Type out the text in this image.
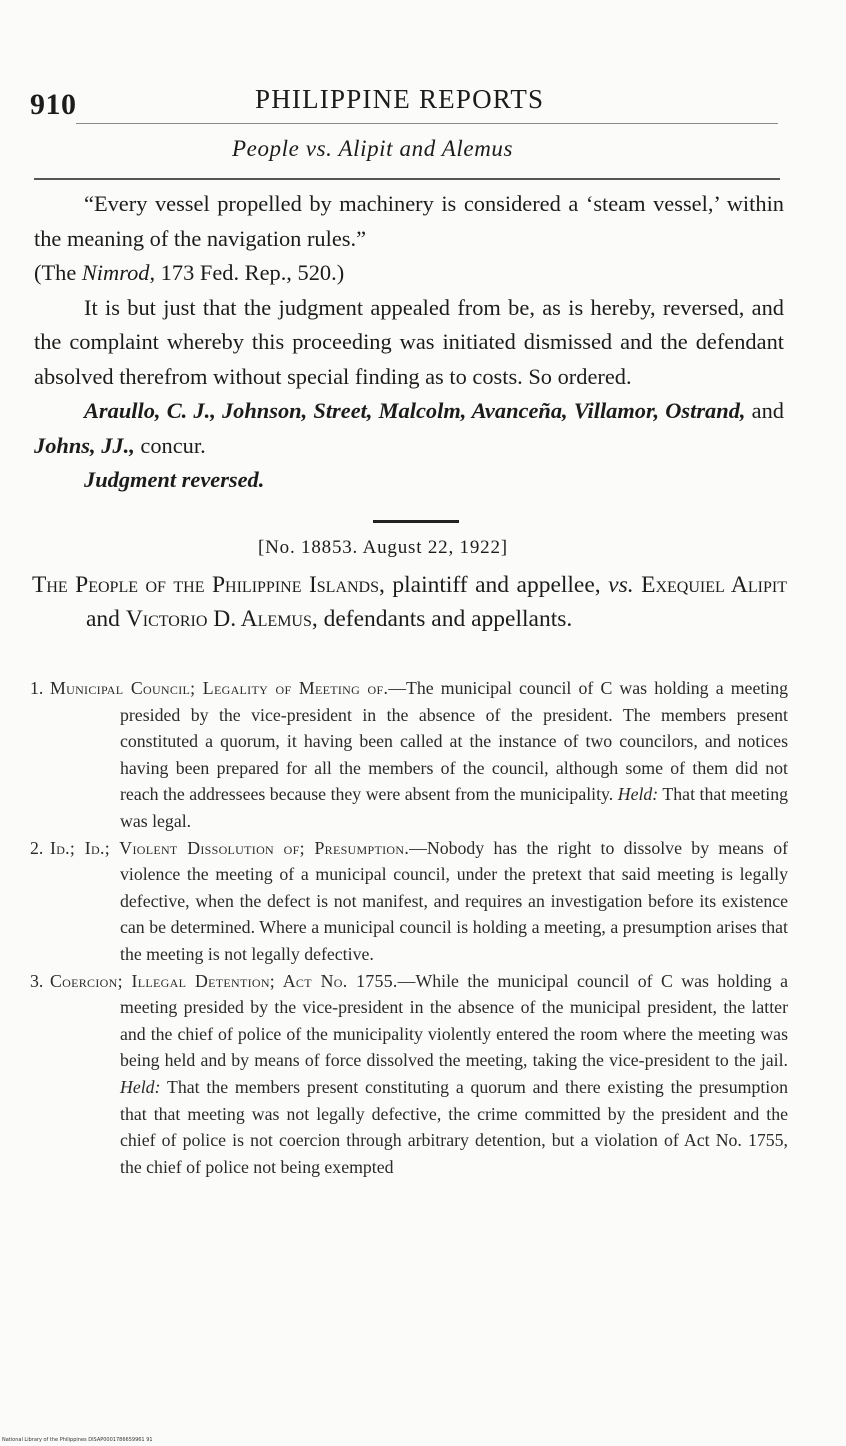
910	PHILIPPINE REPORTS
People vs. Alipit and Alemus

“Every vessel propelled by machinery is considered a ‘steam vessel,’ within the meaning of the navigation rules.”

(The Nimrod, 173 Fed. Rep., 520.)

It is but just that the judgment appealed from be, as is hereby, reversed, and the complaint whereby this proceeding was initiated dismissed and the defendant absolved therefrom without special finding as to costs. So ordered.

Araullo, C. J., Johnson, Street, Malcolm, Avanceña, Villamor, Ostrand, and Johns, JJ., concur.

Judgment reversed.

[No. 18853. August 22, 1922]

The People of the Philippine Islands, plaintiff and appellee, vs. Exequiel Alipit and Victorio D. Alemus, defendants and appellants.

1. Municipal Council; Legality of Meeting of.—The municipal council of C was holding a meeting presided by the vice-president in the absence of the president. The members present constituted a quorum, it having been called at the instance of two councilors, and notices having been prepared for all the members of the council, although some of them did not reach the addressees because they were absent from the municipality. Held: That that meeting was legal.

2. Id.; Id.; Violent Dissolution of; Presumption.—Nobody has the right to dissolve by means of violence the meeting of a municipal council, under the pretext that said meeting is legally defective, when the defect is not manifest, and requires an investigation before its existence can be determined. Where a municipal council is holding a meeting, a presumption arises that the meeting is not legally defective.

3. Coercion; Illegal Detention; Act No. 1755.—While the municipal council of C was holding a meeting presided by the vice-president in the absence of the municipal president, the latter and the chief of police of the municipality violently entered the room where the meeting was being held and by means of force dissolved the meeting, taking the vice-president to the jail. Held: That the members present constituting a quorum and there existing the presumption that that meeting was not legally defective, the crime committed by the president and the chief of police is not coercion through arbitrary detention, but a violation of Act No. 1755, the chief of police not being exempted

National Library of the Philippines DISAP0001786659961 91
